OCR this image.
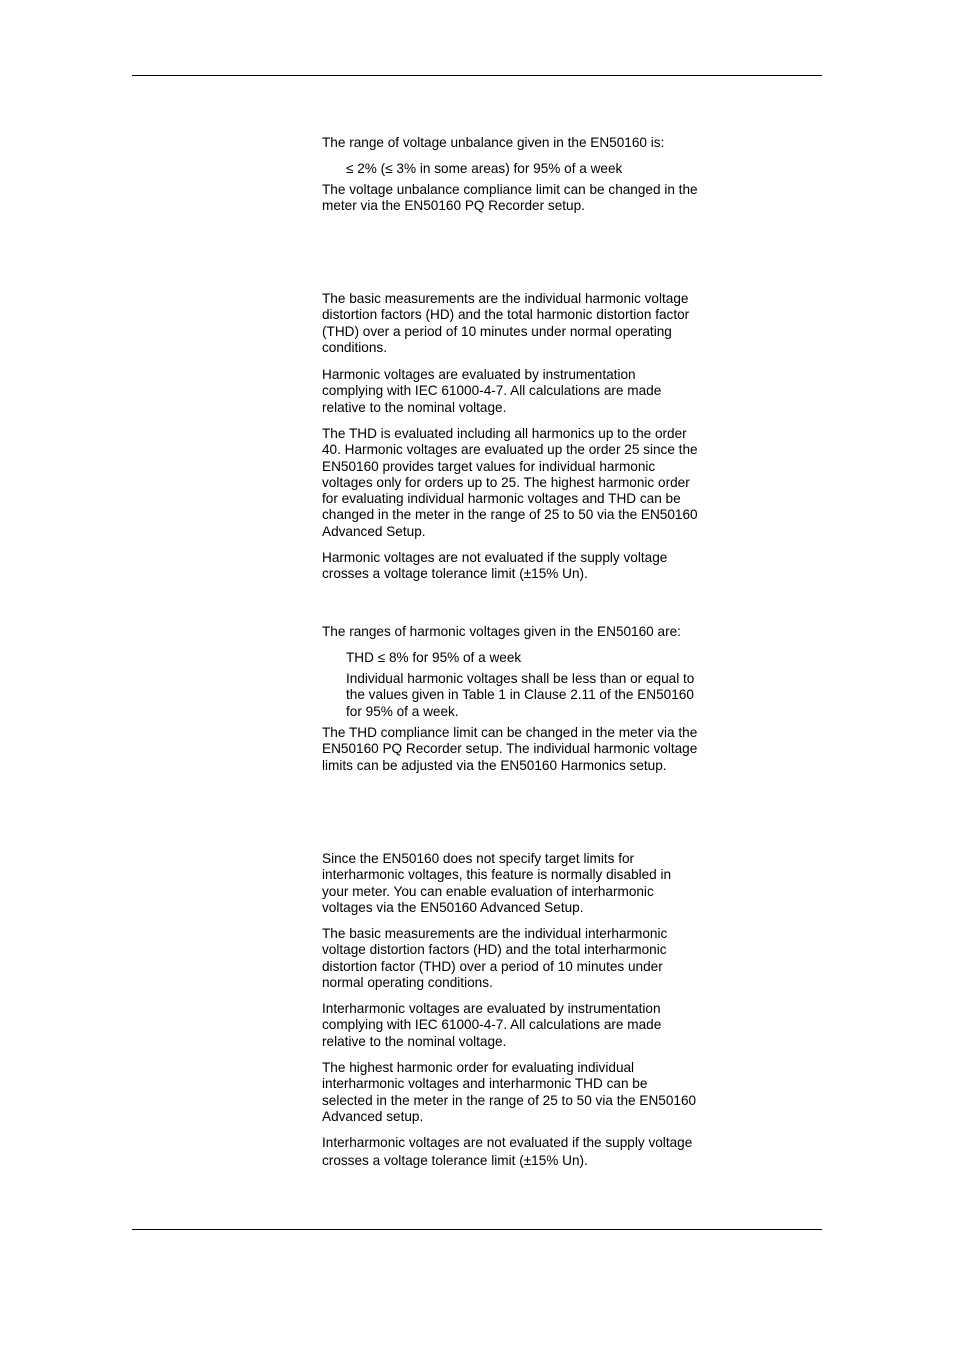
The range of voltage unbalance given in the EN50160 is:

≤ 2% (≤ 3% in some areas) for 95% of a week

The voltage unbalance compliance limit can be changed in the
meter via the EN50160 PQ Recorder setup.

The basic measurements are the individual harmonic voltage
distortion factors (HD) and the total harmonic distortion factor
(THD) over a period of 10 minutes under normal operating
conditions.

Harmonic voltages are evaluated by instrumentation
complying with IEC 61000-4-7. All calculations are made
relative to the nominal voltage.

The THD is evaluated including all harmonics up to the order
40. Harmonic voltages are evaluated up the order 25 since the
EN50160 provides target values for individual harmonic
voltages only for orders up to 25. The highest harmonic order
for evaluating individual harmonic voltages and THD can be
changed in the meter in the range of 25 to 50 via the EN50160
Advanced Setup.

Harmonic voltages are not evaluated if the supply voltage
crosses a voltage tolerance limit (±15% Un).

The ranges of harmonic voltages given in the EN50160 are:

THD ≤ 8% for 95% of a week

Individual harmonic voltages shall be less than or equal to
the values given in Table 1 in Clause 2.11 of the EN50160
for 95% of a week.

The THD compliance limit can be changed in the meter via the
EN50160 PQ Recorder setup. The individual harmonic voltage
limits can be adjusted via the EN50160 Harmonics setup.

Since the EN50160 does not specify target limits for
interharmonic voltages, this feature is normally disabled in
your meter. You can enable evaluation of interharmonic
voltages via the EN50160 Advanced Setup.

The basic measurements are the individual interharmonic
voltage distortion factors (HD) and the total interharmonic
distortion factor (THD) over a period of 10 minutes under
normal operating conditions.

Interharmonic voltages are evaluated by instrumentation
complying with IEC 61000-4-7. All calculations are made
relative to the nominal voltage.

The highest harmonic order for evaluating individual
interharmonic voltages and interharmonic THD can be
selected in the meter in the range of 25 to 50 via the EN50160
Advanced setup.

Interharmonic voltages are not evaluated if the supply voltage
crosses a voltage tolerance limit (±15% Un).
